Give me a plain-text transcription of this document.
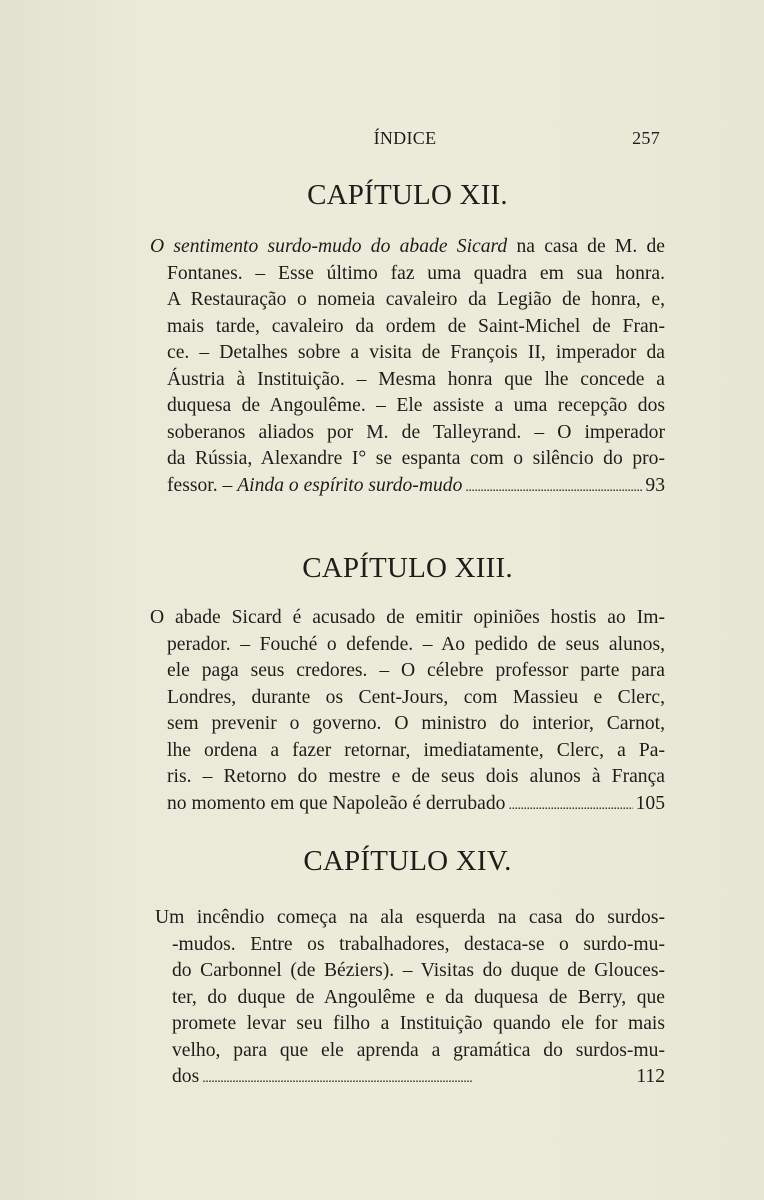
ÍNDICE	257
CAPÍTULO XII.
O sentimento surdo-mudo do abade Sicard na casa de M. de
Fontanes. – Esse último faz uma quadra em sua honra.
A Restauração o nomeia cavaleiro da Legião de honra, e,
mais tarde, cavaleiro da ordem de Saint-Michel de Fran-
ce. – Detalhes sobre a visita de François II, imperador da
Áustria à Instituição. – Mesma honra que lhe concede a
duquesa de Angoulême. – Ele assiste a uma recepção dos
soberanos aliados por M. de Talleyrand. – O imperador
da Rússia, Alexandre I° se espanta com o silêncio do pro-
fessor. – Ainda o espírito surdo-mudo . . .	93
CAPÍTULO XIII.
O abade Sicard é acusado de emitir opiniões hostis ao Im-
perador. – Fouché o defende. – Ao pedido de seus alunos,
ele paga seus credores. – O célebre professor parte para
Londres, durante os Cent-Jours, com Massieu e Clerc,
sem prevenir o governo. O ministro do interior, Carnot,
lhe ordena a fazer retornar, imediatamente, Clerc, a Pa-
ris. – Retorno do mestre e de seus dois alunos à França
no momento em que Napoleão é derrubado . . .	105
CAPÍTULO XIV.
Um incêndio começa na ala esquerda na casa do surdos-
-mudos. Entre os trabalhadores, destaca-se o surdo-mu-
do Carbonnel (de Béziers). – Visitas do duque de Glouces-
ter, do duque de Angoulême e da duquesa de Berry, que
promete levar seu filho a Instituição quando ele for mais
velho, para que ele aprenda a gramática do surdos-mu-
dos . . .	112
